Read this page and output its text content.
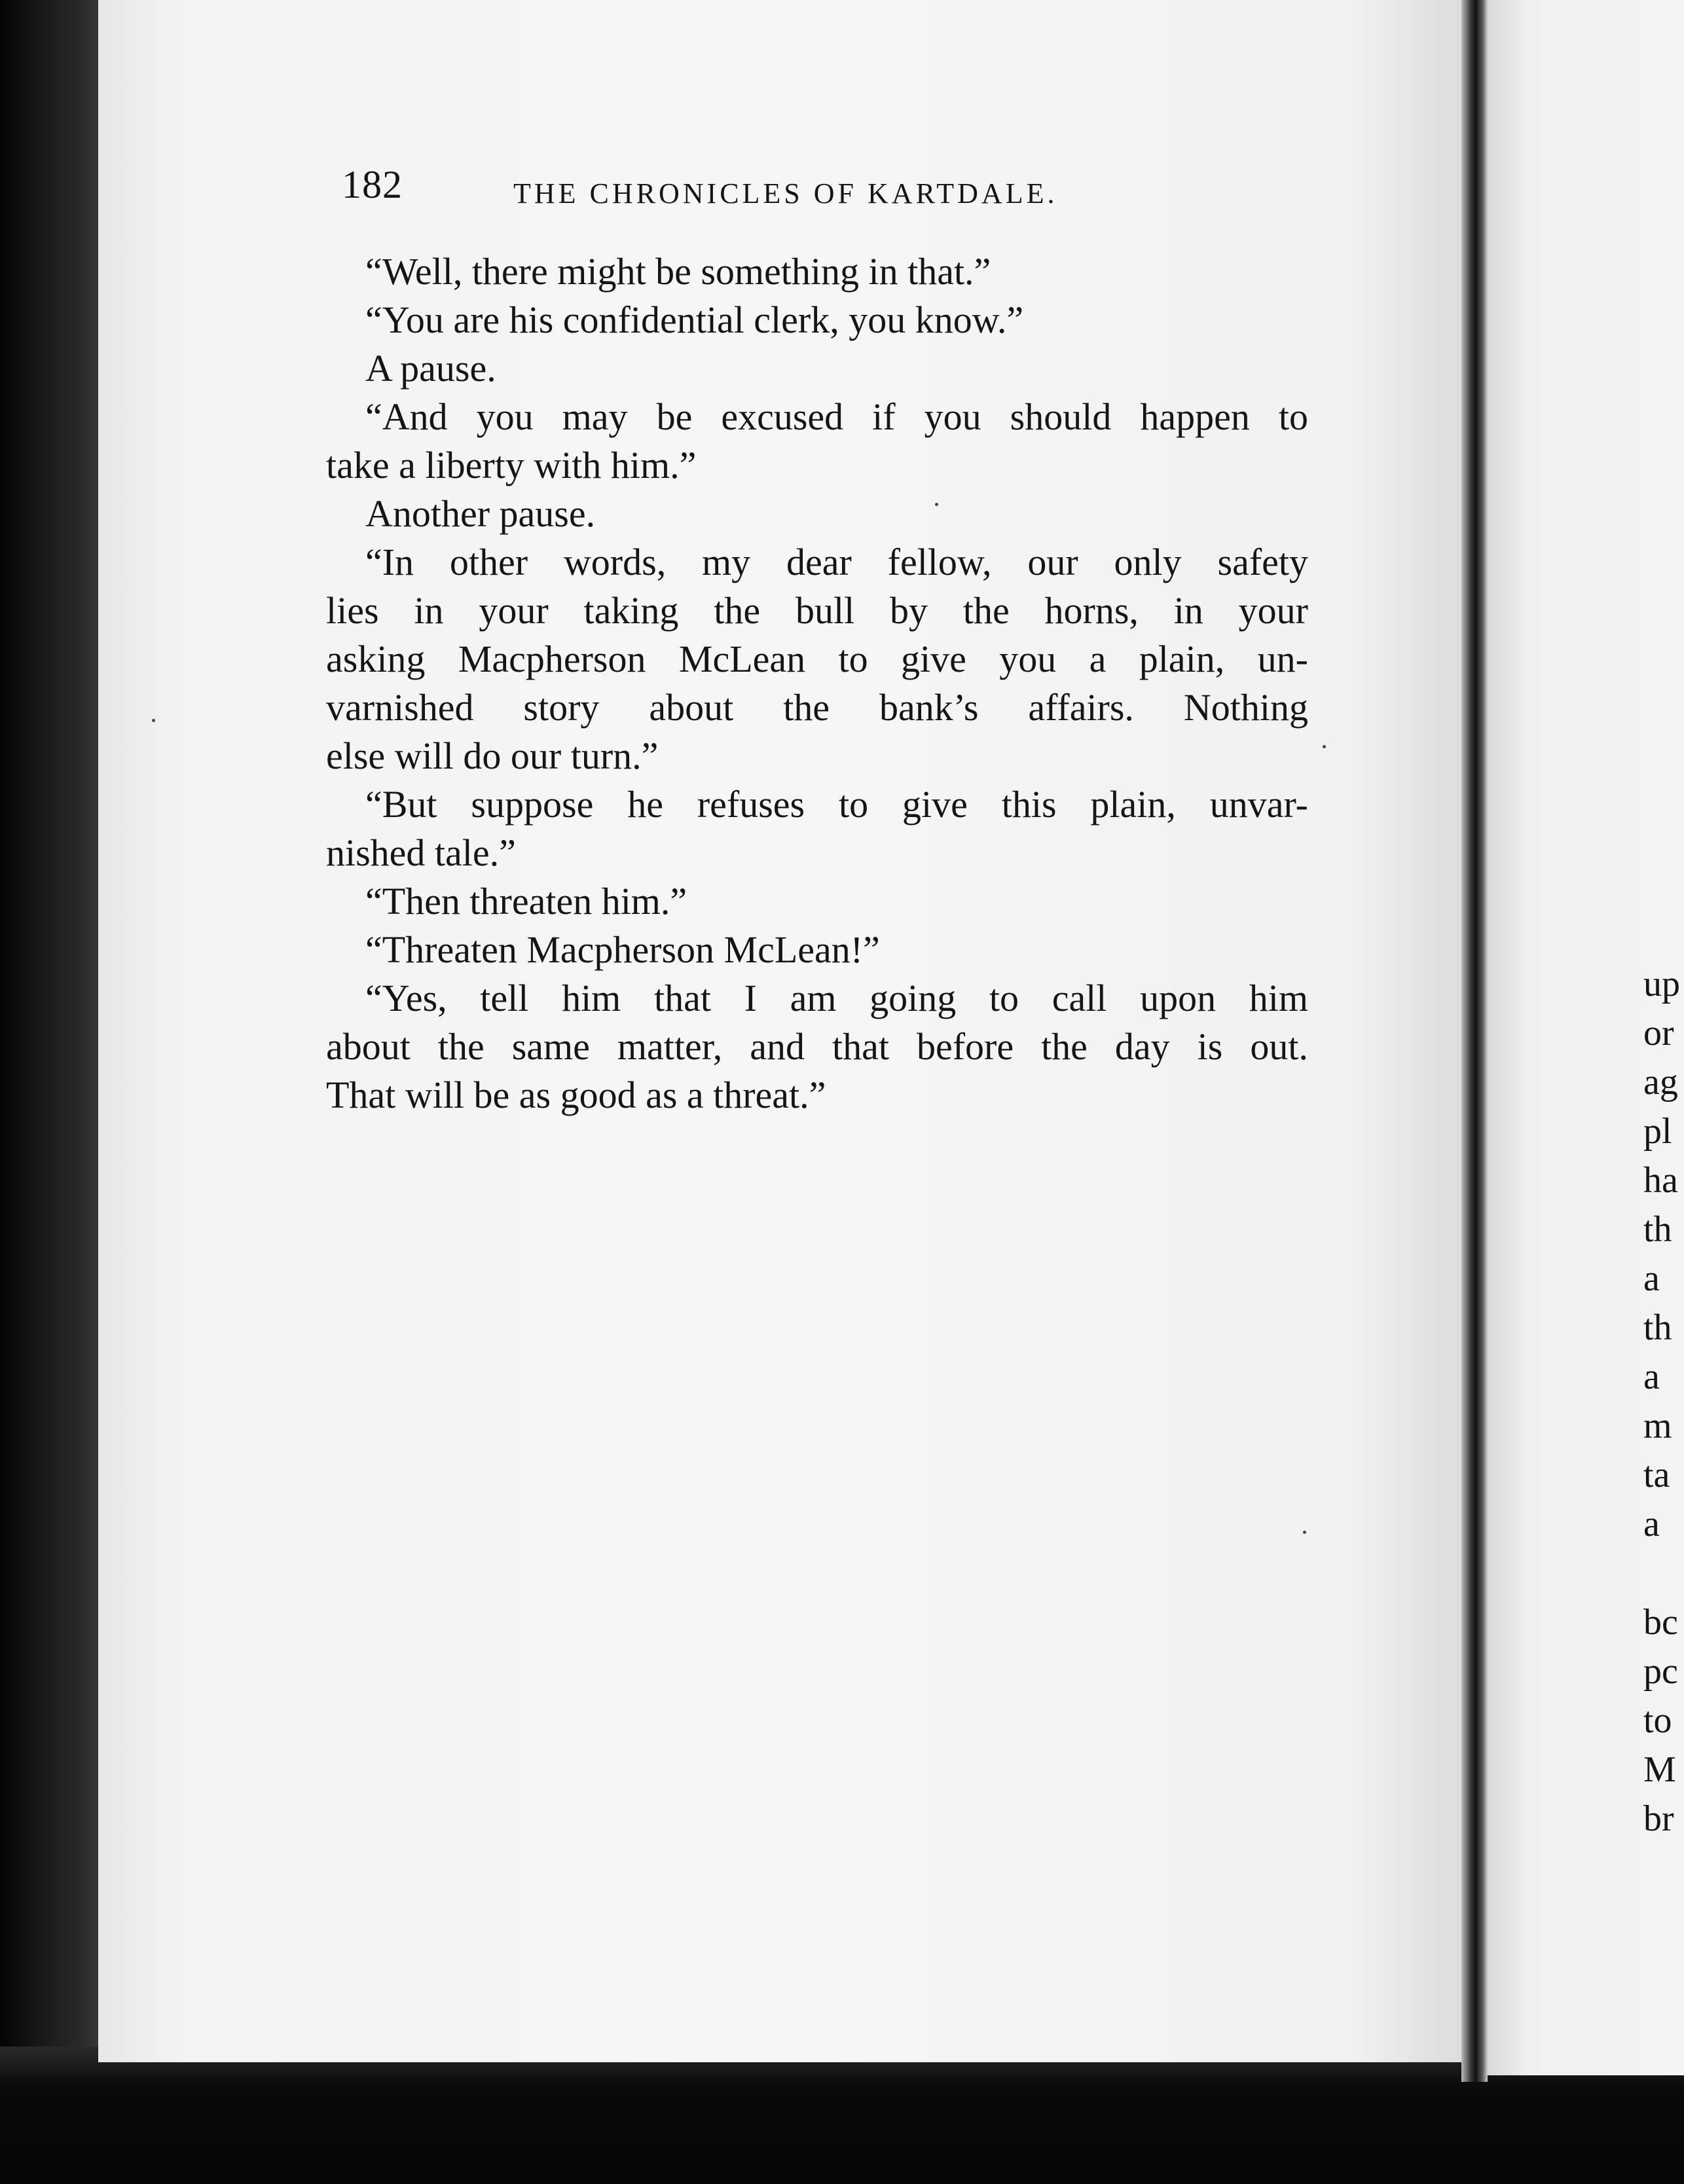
182	THE CHRONICLES OF KARTDALE.
“Well, there might be something in that.”
“You are his confidential clerk, you know.”
A pause.
“And you may be excused if you should happen to
take a liberty with him.”
Another pause.
“In other words, my dear fellow, our only safety
lies in your taking the bull by the horns, in your
asking Macpherson McLean to give you a plain, un-
varnished story about the bank’s affairs. Nothing
else will do our turn.”
“But suppose he refuses to give this plain, unvar-
nished tale.”
“Then threaten him.”
“Threaten Macpherson McLean!”
“Yes, tell him that I am going to call upon him
about the same matter, and that before the day is out.
That will be as good as a threat.”
up
or
ag
pl
ha
th
a
th
a
m
ta
a
bc
pc
to
M
br
